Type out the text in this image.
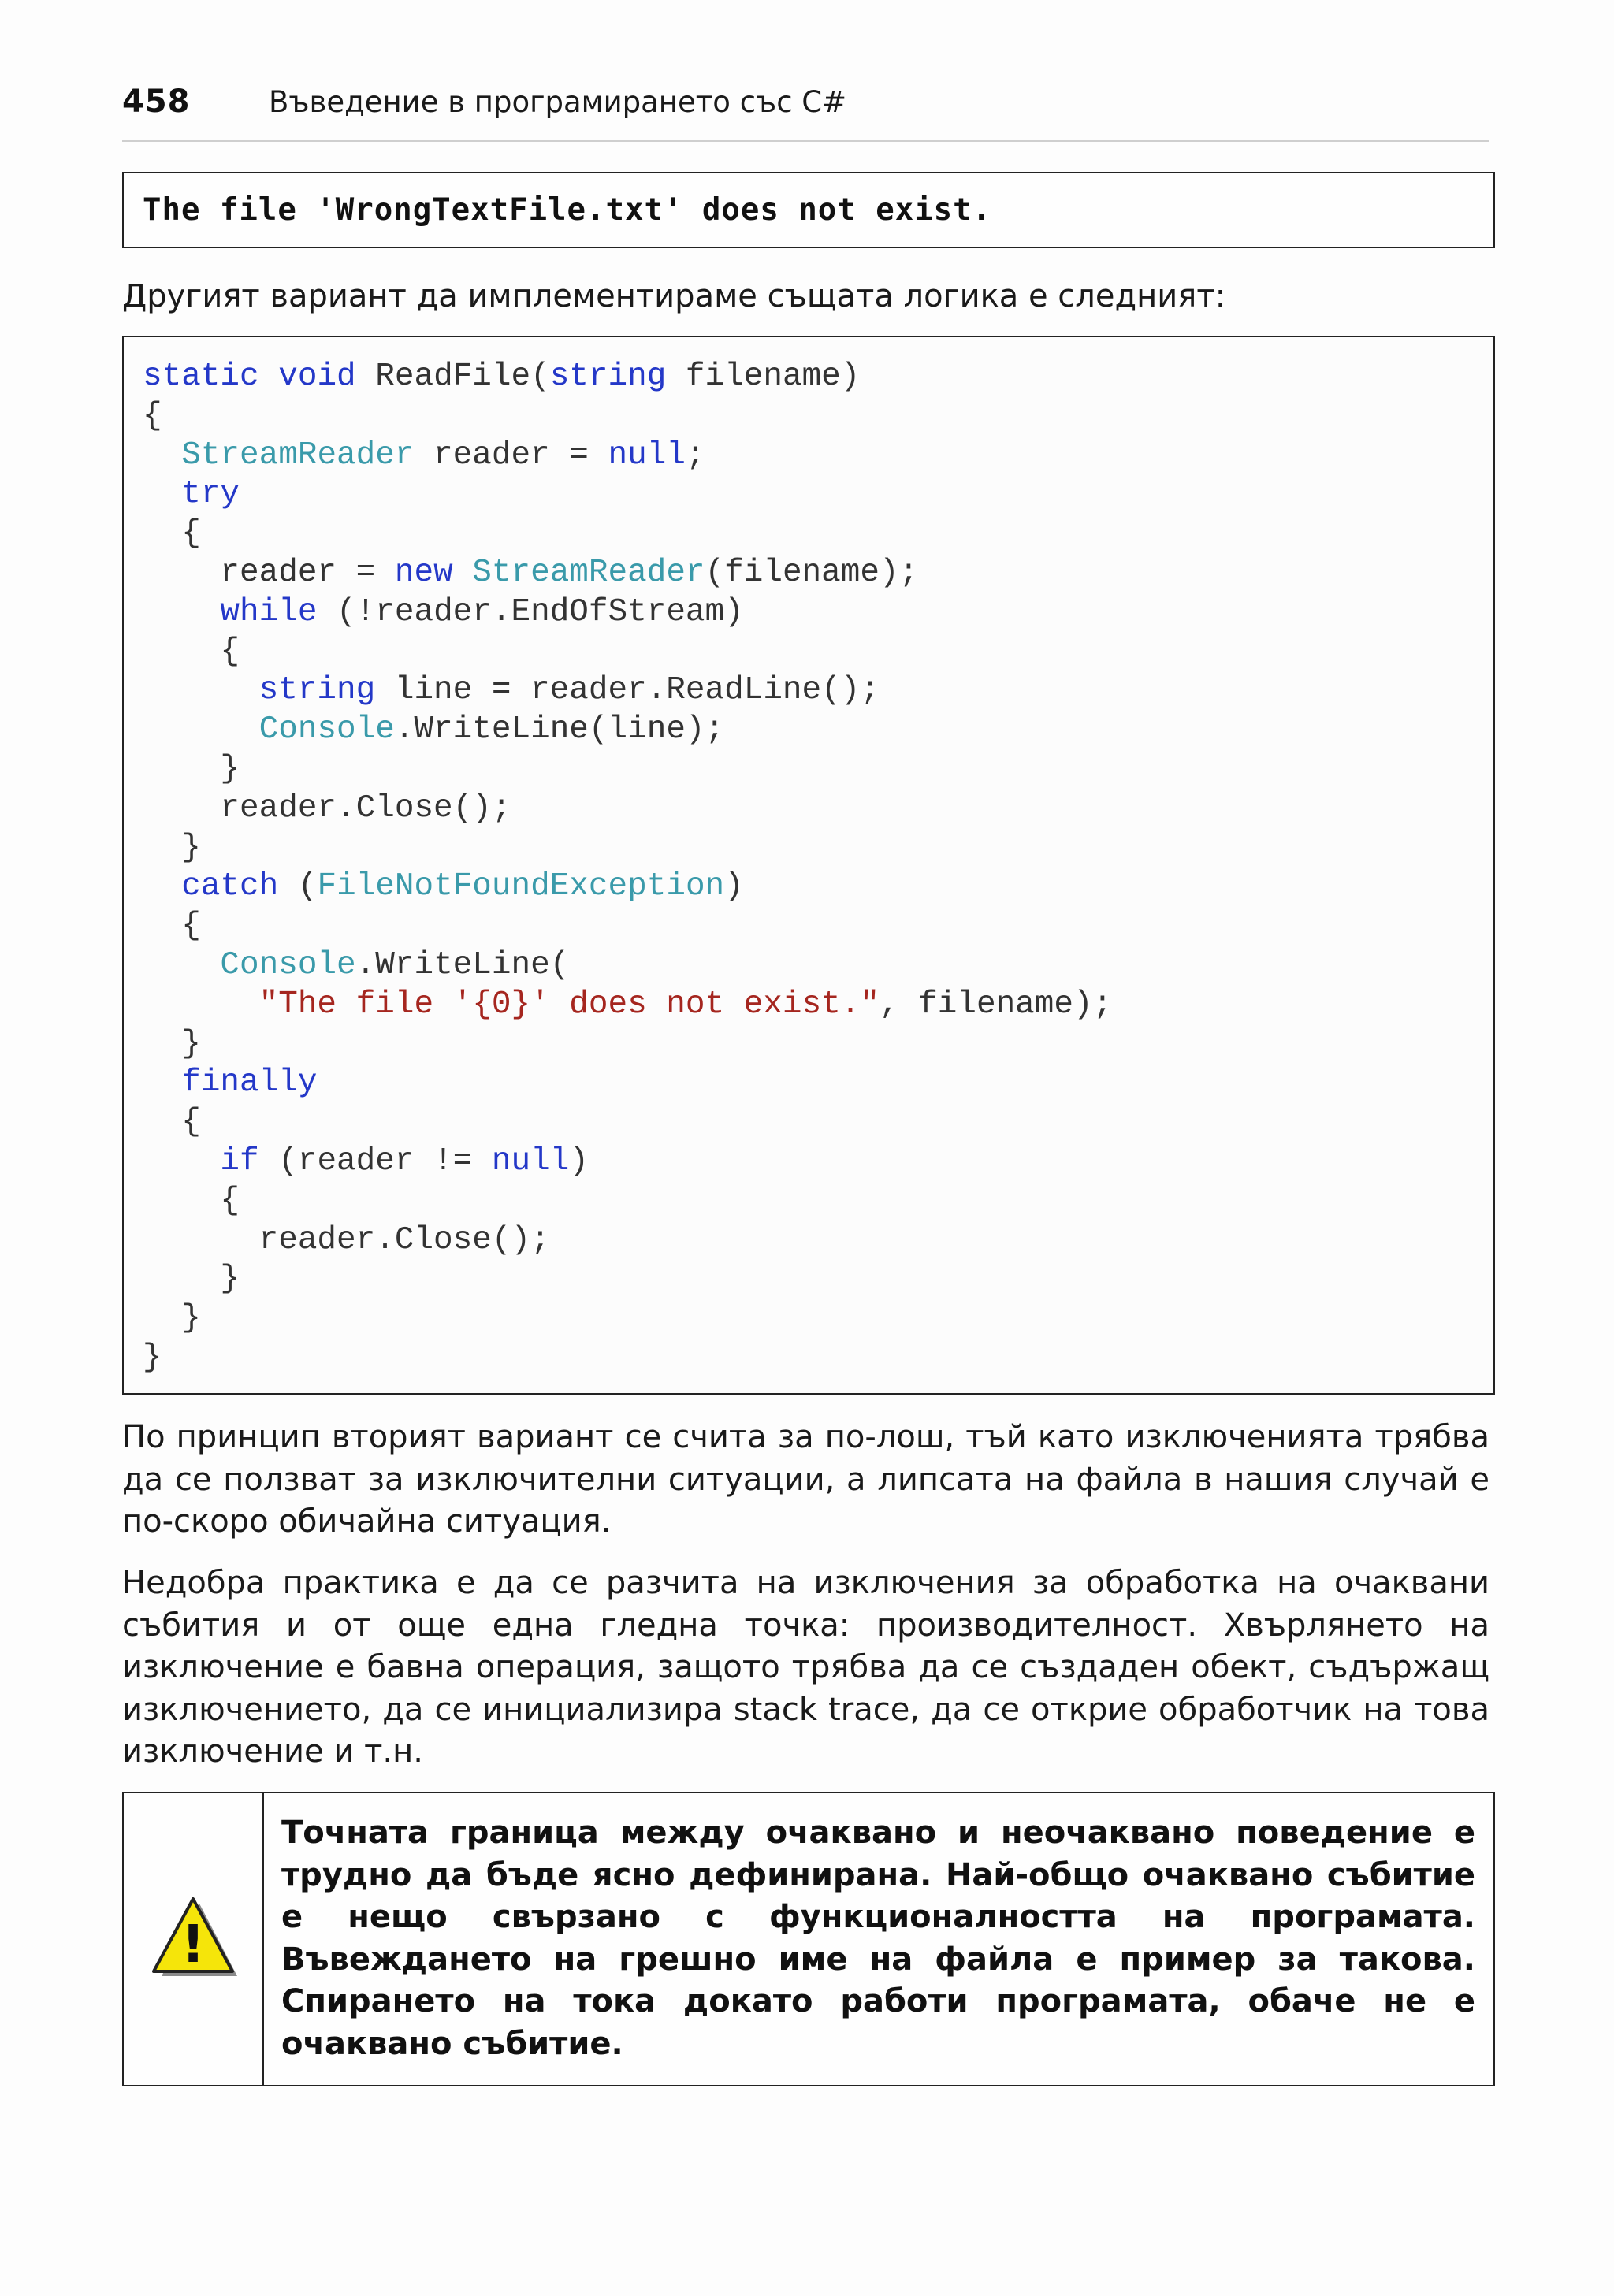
458	Въведение в програмирането със C#
The file 'WrongTextFile.txt' does not exist.
Другият вариант да имплементираме същата логика е следният:
static void ReadFile(string filename)
{
StreamReader reader = null;
try
{
reader = new StreamReader(filename);
while (!reader.EndOfStream)
{
string line = reader.ReadLine();
Console.WriteLine(line);
}
reader.Close();
}
catch (FileNotFoundException)
{
Console.WriteLine(
"The file '{0}' does not exist.", filename);
}
finally
{
if (reader != null)
{
reader.Close();
}
}
}
По принцип вторият вариант се счита за по-лош, тъй като изключенията трябва да се ползват за изключителни ситуации, а липсата на файла в нашия случай е по-скоро обичайна ситуация.
Недобра практика е да се разчита на изключения за обработка на очаквани събития и от още една гледна точка: производителност. Хвърлянето на изключение е бавна операция, защото трябва да се създаден обект, съдържащ изключението, да се инициализира stack trace, да се открие обработчик на това изключение и т.н.
!
Точната граница между очаквано и неочаквано поведение е трудно да бъде ясно дефинирана. Най-общо очаквано събитие е нещо свързано с функционалността на програмата. Въвеждането на грешно име на файла е пример за такова. Спирането на тока докато работи програмата, обаче не е очаквано събитие.
